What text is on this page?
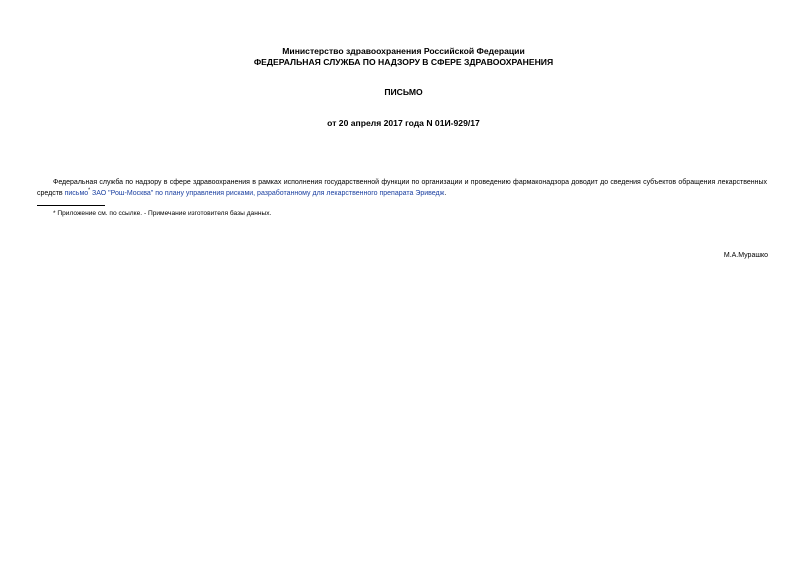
Министерство здравоохранения Российской Федерации
ФЕДЕРАЛЬНАЯ СЛУЖБА ПО НАДЗОРУ В СФЕРЕ ЗДРАВООХРАНЕНИЯ
ПИСЬМО
от 20 апреля 2017 года N 01И-929/17
Федеральная служба по надзору в сфере здравоохранения в рамках исполнения государственной функции по организации и проведению фармаконадзора доводит до сведения субъектов обращения лекарственных средств письмо* ЗАО "Рош-Москва" по плану управления рисками, разработанному для лекарственного препарата Эриведж.
* Приложение см. по ссылке. - Примечание изготовителя базы данных.
М.А.Мурашко
